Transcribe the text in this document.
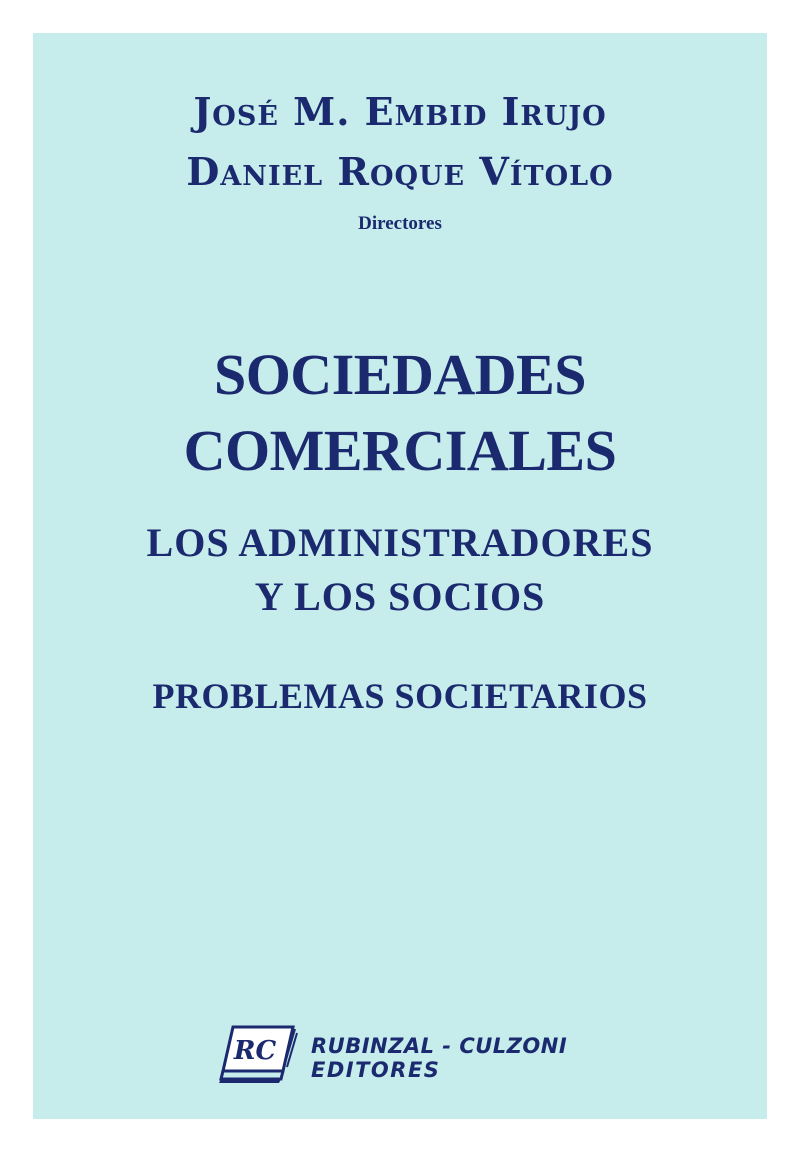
José M. Embid Irujo
Daniel Roque Vítolo
Directores
SOCIEDADES
COMERCIALES
LOS ADMINISTRADORES
Y LOS SOCIOS
PROBLEMAS SOCIETARIOS
RC RUBINZAL - CULZONI
EDITORES
